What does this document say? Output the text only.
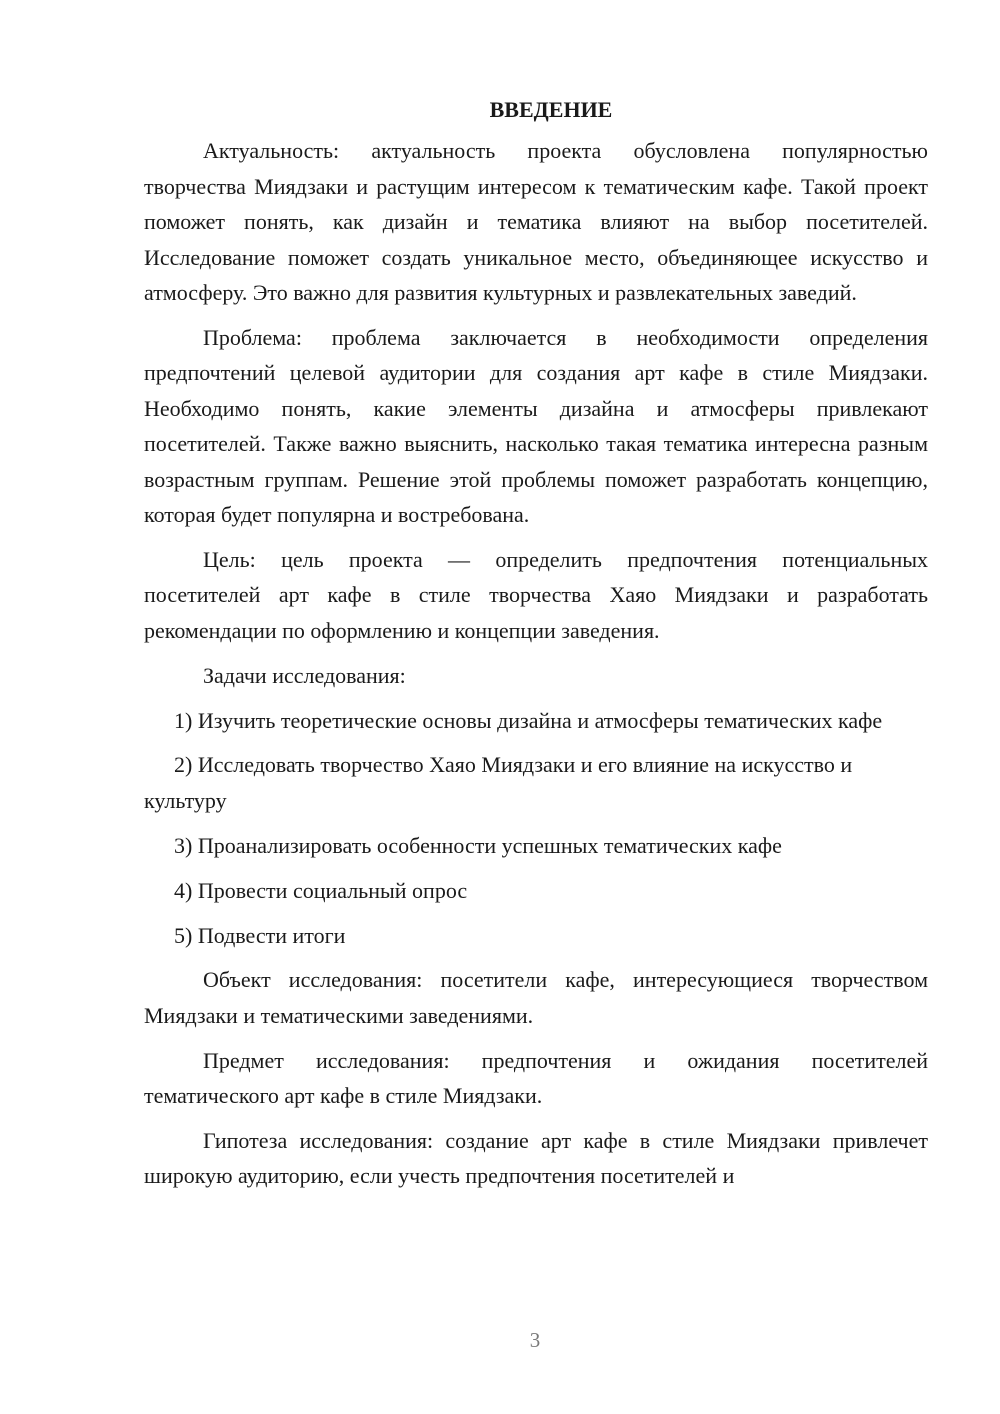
ВВЕДЕНИЕ

Актуальность: актуальность проекта обусловлена популярностью творчества Миядзаки и растущим интересом к тематическим кафе. Такой проект поможет понять, как дизайн и тематика влияют на выбор посетителей. Исследование поможет создать уникальное место, объединяющее искусство и атмосферу. Это важно для развития культурных и развлекательных заведий.

Проблема: проблема заключается в необходимости определения предпочтений целевой аудитории для создания арт кафе в стиле Миядзаки. Необходимо понять, какие элементы дизайна и атмосферы привлекают посетителей. Также важно выяснить, насколько такая тематика интересна разным возрастным группам. Решение этой проблемы поможет разработать концепцию, которая будет популярна и востребована.

Цель: цель проекта — определить предпочтения потенциальных посетителей арт кафе в стиле творчества Хаяо Миядзаки и разработать рекомендации по оформлению и концепции заведения.

Задачи исследования:

1) Изучить теоретические основы дизайна и атмосферы тематических кафе

2) Исследовать творчество Хаяо Миядзаки и его влияние на искусство и культуру

3) Проанализировать особенности успешных тематических кафе

4) Провести социальный опрос

5) Подвести итоги

Объект исследования: посетители кафе, интересующиеся творчеством Миядзаки и тематическими заведениями.

Предмет исследования: предпочтения и ожидания посетителей тематического арт кафе в стиле Миядзаки.

Гипотеза исследования: создание арт кафе в стиле Миядзаки привлечет широкую аудиторию, если учесть предпочтения посетителей и

3
